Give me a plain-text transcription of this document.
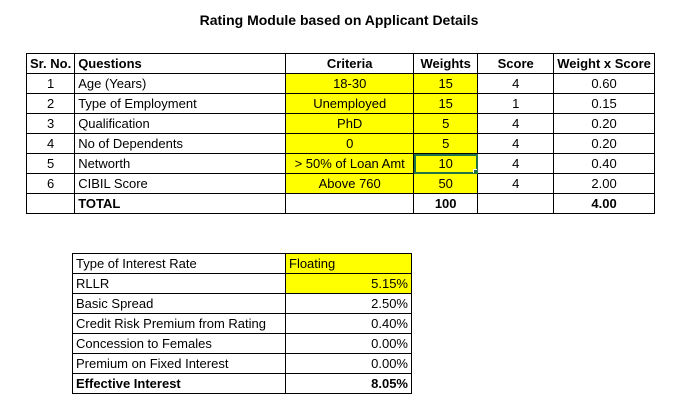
Rating Module based on Applicant Details
Sr. No.	Questions	Criteria	Weights	Score	Weight x Score
1	Age (Years)	18-30	15	4	0.60
2	Type of Employment	Unemployed	15	1	0.15
3	Qualification	PhD	5	4	0.20
4	No of Dependents	0	5	4	0.20
5	Networth	> 50% of Loan Amt	10	4	0.40
6	CIBIL Score	Above 760	50	4	2.00
	TOTAL		100		4.00
Type of Interest Rate	Floating
RLLR	5.15%
Basic Spread	2.50%
Credit Risk Premium from Rating	0.40%
Concession to Females	0.00%
Premium on Fixed Interest	0.00%
Effective Interest	8.05%
